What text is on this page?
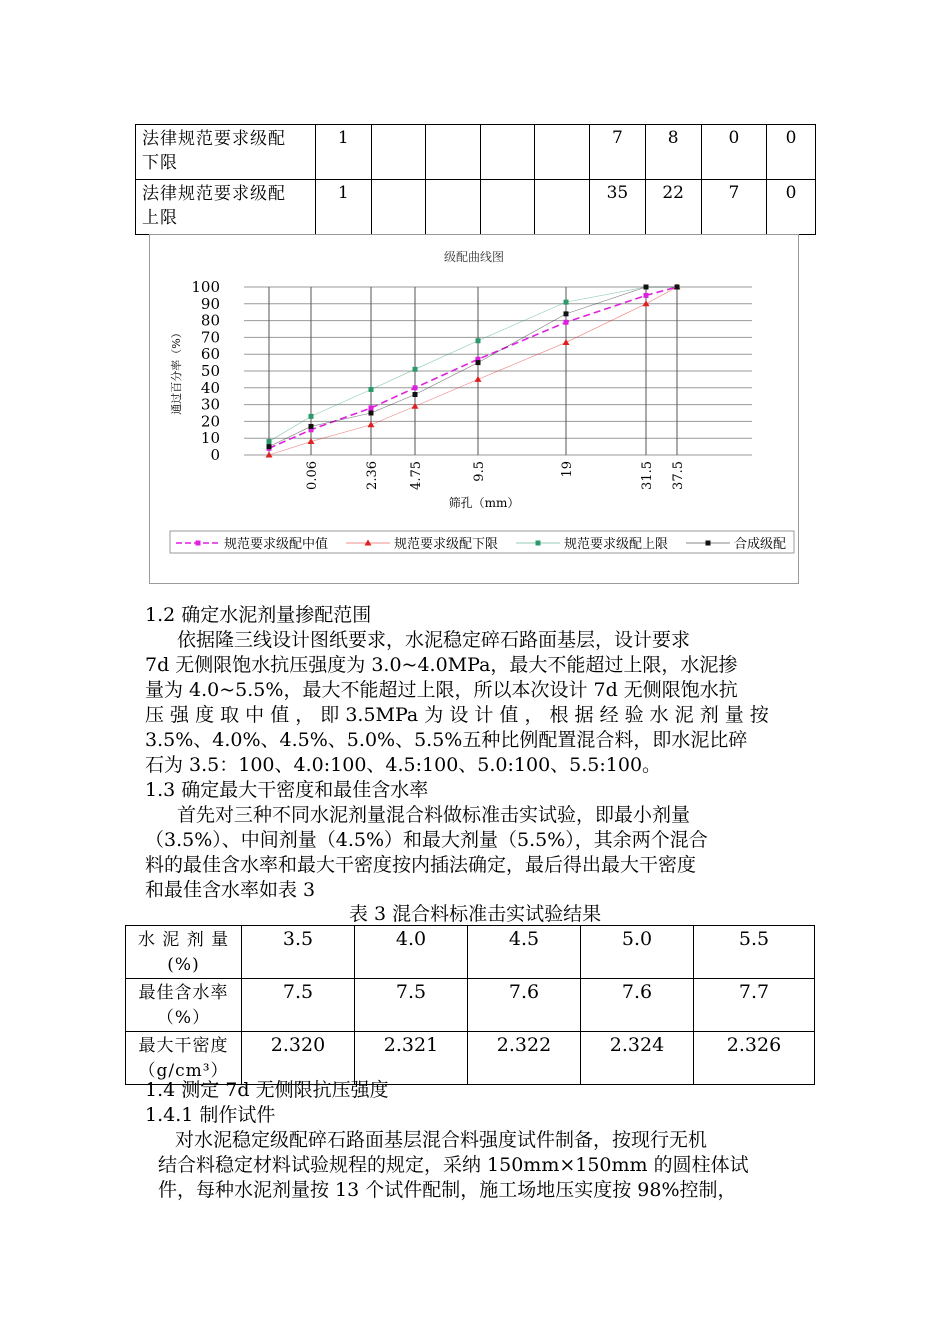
法律规范要求级配
下限	1					7	8	0	0
法律规范要求级配
上限	1					35	22	7	0
级配曲线图
0
10
20
30
40
50
60
70
80
90
100
0.06	2.36 4.75	9.5	19	31.5 37.5
通过百分率（%）
筛孔（mm）
规范要求级配中值	规范要求级配下限	规范要求级配上限	合成级配
1.2 确定水泥剂量掺配范围
依据隆三线设计图纸要求，水泥稳定碎石路面基层，设计要求
7d 无侧限饱水抗压强度为 3.0~4.0MPa，最大不能超过上限，水泥掺
量为 4.0~5.5%，最大不能超过上限，所以本次设计 7d 无侧限饱水抗
压 强 度 取 中 值 ， 即 3.5MPa 为 设 计 值 ， 根 据 经 验 水 泥 剂 量 按
3.5%、4.0%、4.5%、5.0%、5.5%五种比例配置混合料，即水泥比碎
石为 3.5：100、4.0:100、4.5:100、5.0:100、5.5:100。
1.3 确定最大干密度和最佳含水率
首先对三种不同水泥剂量混合料做标准击实试验，即最小剂量
（3.5%）、中间剂量（4.5%）和最大剂量（5.5%），其余两个混合
料的最佳含水率和最大干密度按内插法确定，最后得出最大干密度
和最佳含水率如表 3
表 3 混合料标准击实试验结果
水 泥 剂 量
(%)	3.5	4.0	4.5	5.0	5.5
最佳含水率
（%）	7.5	7.5	7.6	7.6	7.7
最大干密度
（g/cm³）	2.320	2.321	2.322	2.324	2.326
1.4 测定 7d 无侧限抗压强度
1.4.1 制作试件
对水泥稳定级配碎石路面基层混合料强度试件制备，按现行无机
结合料稳定材料试验规程的规定，采纳 150mm×150mm 的圆柱体试
件，每种水泥剂量按 13 个试件配制，施工场地压实度按 98%控制，
